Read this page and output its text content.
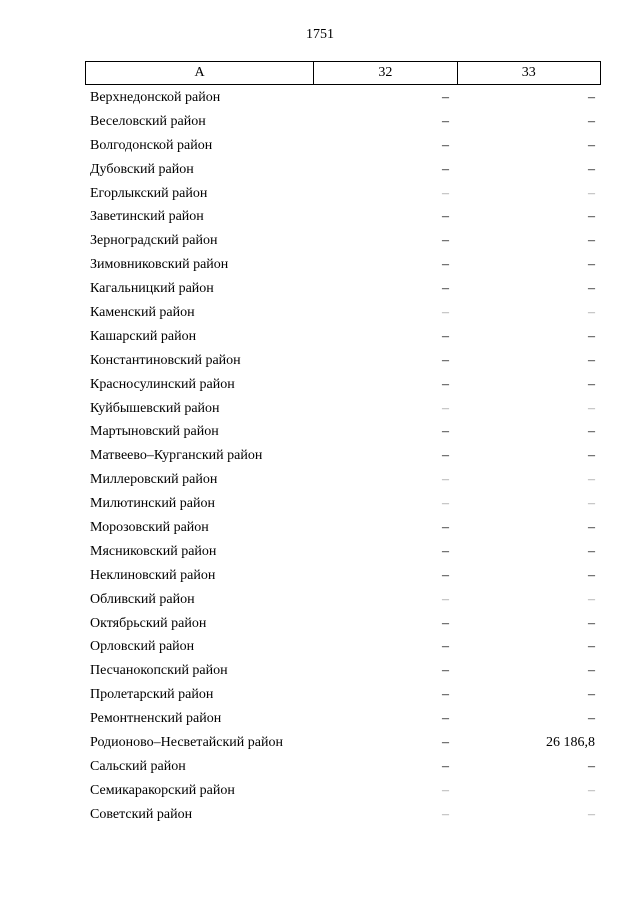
1751
А	32	33
Верхнедонской район	–	–
Веселовский район	–	–
Волгодонской район	–	–
Дубовский район	–	–
Егорлыкский район	–	–
Заветинский район	–	–
Зерноградский район	–	–
Зимовниковский район	–	–
Кагальницкий район	–	–
Каменский район	–	–
Кашарский район	–	–
Константиновский район	–	–
Красносулинский район	–	–
Куйбышевский район	–	–
Мартыновский район	–	–
Матвеево–Курганский район	–	–
Миллеровский район	–	–
Милютинский район	–	–
Морозовский район	–	–
Мясниковский район	–	–
Неклиновский район	–	–
Обливский район	–	–
Октябрьский район	–	–
Орловский район	–	–
Песчанокопский район	–	–
Пролетарский район	–	–
Ремонтненский район	–	–
Родионово–Несветайский район	–	26 186,8
Сальский район	–	–
Семикаракорский район	–	–
Советский район	–	–
